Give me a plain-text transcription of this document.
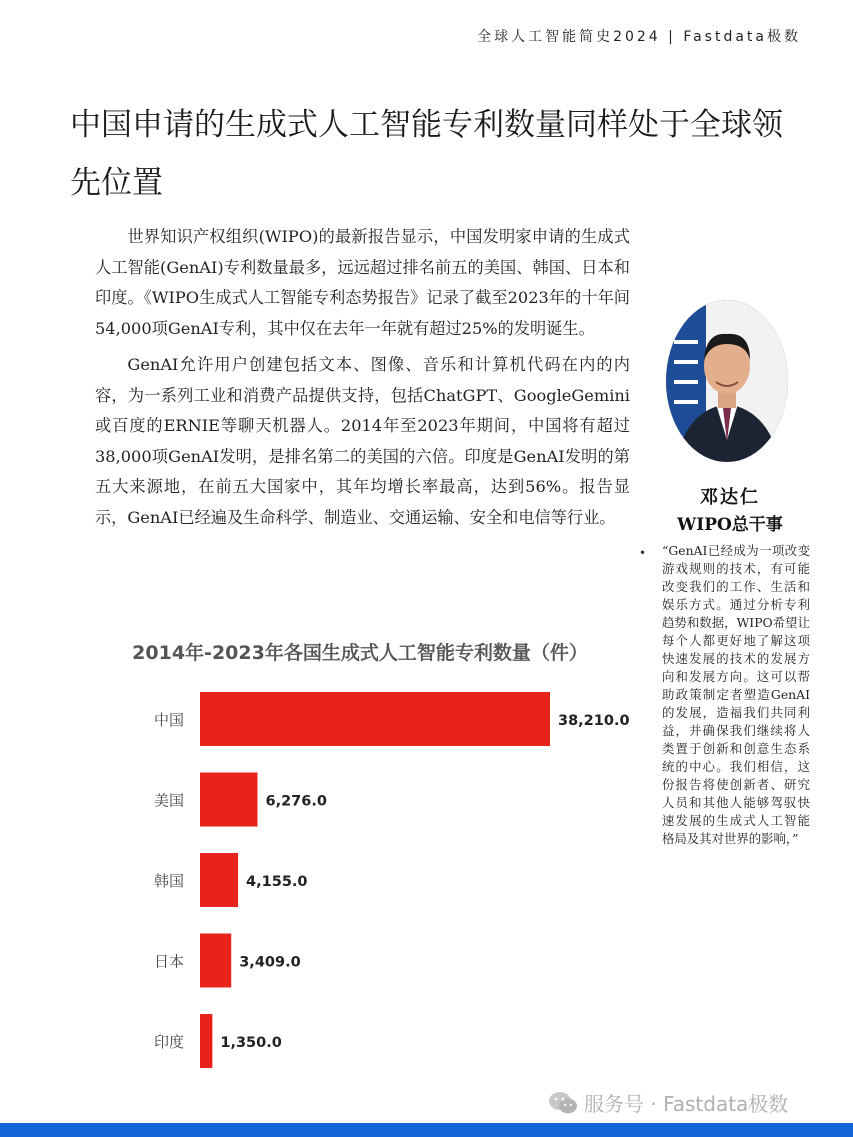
全球人工智能简史2024 | Fastdata极数
中国申请的生成式人工智能专利数量同样处于全球领先位置

世界知识产权组织(WIPO)的最新报告显示，中国发明家申请的生成式人工智能(GenAI)专利数量最多，远远超过排名前五的美国、韩国、日本和印度。《WIPO生成式人工智能专利态势报告》记录了截至2023年的十年间54,000项GenAI专利，其中仅在去年一年就有超过25%的发明诞生。

GenAI允许用户创建包括文本、图像、音乐和计算机代码在内的内容，为一系列工业和消费产品提供支持，包括ChatGPT、GoogleGemini或百度的ERNIE等聊天机器人。2014年至2023年期间，中国将有超过38,000项GenAI发明，是排名第二的美国的六倍。印度是GenAI发明的第五大来源地，在前五大国家中，其年均增长率最高，达到56%。报告显示，GenAI已经遍及生命科学、制造业、交通运输、安全和电信等行业。

邓达仁
WIPO总干事
• “GenAI已经成为一项改变游戏规则的技术，有可能改变我们的工作、生活和娱乐方式。通过分析专利趋势和数据，WIPO希望让每个人都更好地了解这项快速发展的技术的发展方向和发展方向。这可以帮助政策制定者塑造GenAI的发展，造福我们共同利益，并确保我们继续将人类置于创新和创意生态系统的中心。我们相信，这份报告将使创新者、研究人员和其他人能够驾驭快速发展的生成式人工智能格局及其对世界的影响，”

2014年-2023年各国生成式人工智能专利数量（件）
中国	38,210.0
美国	6,276.0
韩国	4,155.0
日本	3,409.0
印度	1,350.0
服务号 · Fastdata极数
